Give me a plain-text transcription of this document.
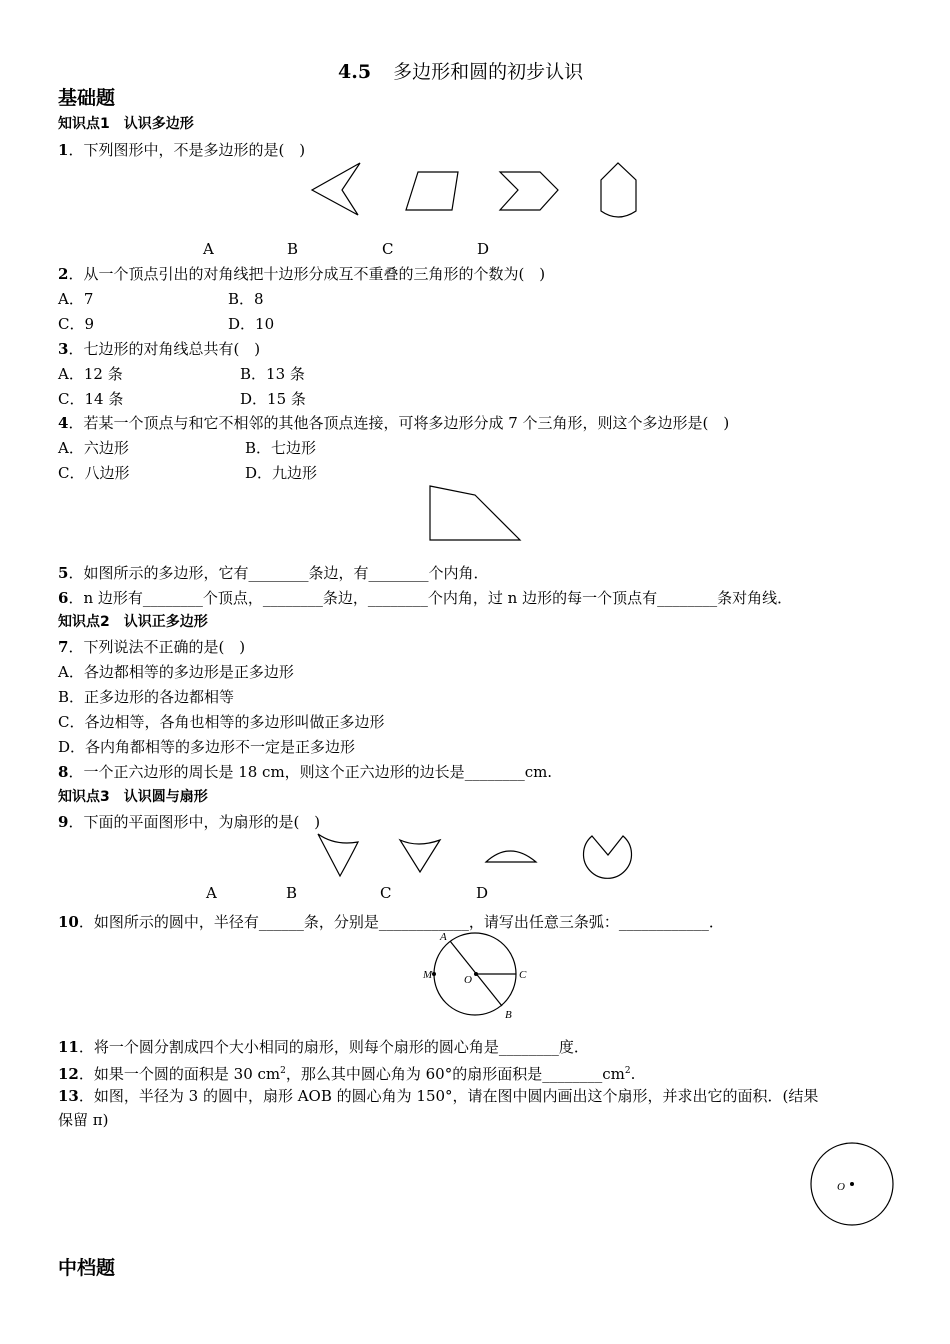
4.5 多边形和圆的初步认识
基础题
知识点1　认识多边形
1．下列图形中，不是多边形的是(　)
A	B	C	D
2．从一个顶点引出的对角线把十边形分成互不重叠的三角形的个数为(　)
A．7	B．8
C．9	D．10
3．七边形的对角线总共有(　)
A．12 条	B．13 条
C．14 条	D．15 条
4．若某一个顶点与和它不相邻的其他各顶点连接，可将多边形分成 7 个三角形，则这个多边形是(　)
A．六边形	B．七边形
C．八边形	D．九边形
5．如图所示的多边形，它有________条边，有________个内角．
6．n 边形有________个顶点，________条边，________个内角，过 n 边形的每一个顶点有________条对角线．
知识点2　认识正多边形
7．下列说法不正确的是(　)
A．各边都相等的多边形是正多边形
B．正多边形的各边都相等
C．各边相等，各角也相等的多边形叫做正多边形
D．各内角都相等的多边形不一定是正多边形
8．一个正六边形的周长是 18 cm，则这个正六边形的边长是________cm.
知识点3　认识圆与扇形
9．下面的平面图形中，为扇形的是(　)
A	B	C	D
10．如图所示的圆中，半径有______条，分别是____________，请写出任意三条弧：____________．
A
M	O	C
B
11．将一个圆分割成四个大小相同的扇形，则每个扇形的圆心角是________度．
12．如果一个圆的面积是 30 $cm^2$，那么其中圆心角为 60°的扇形面积是$\_\_\_\_\_\_\_\_cm^2$.
13．如图，半径为 3 的圆中，扇形 AOB 的圆心角为 150°，请在图中圆内画出这个扇形，并求出它的面积．(结果
保留 π)
O
中档题
